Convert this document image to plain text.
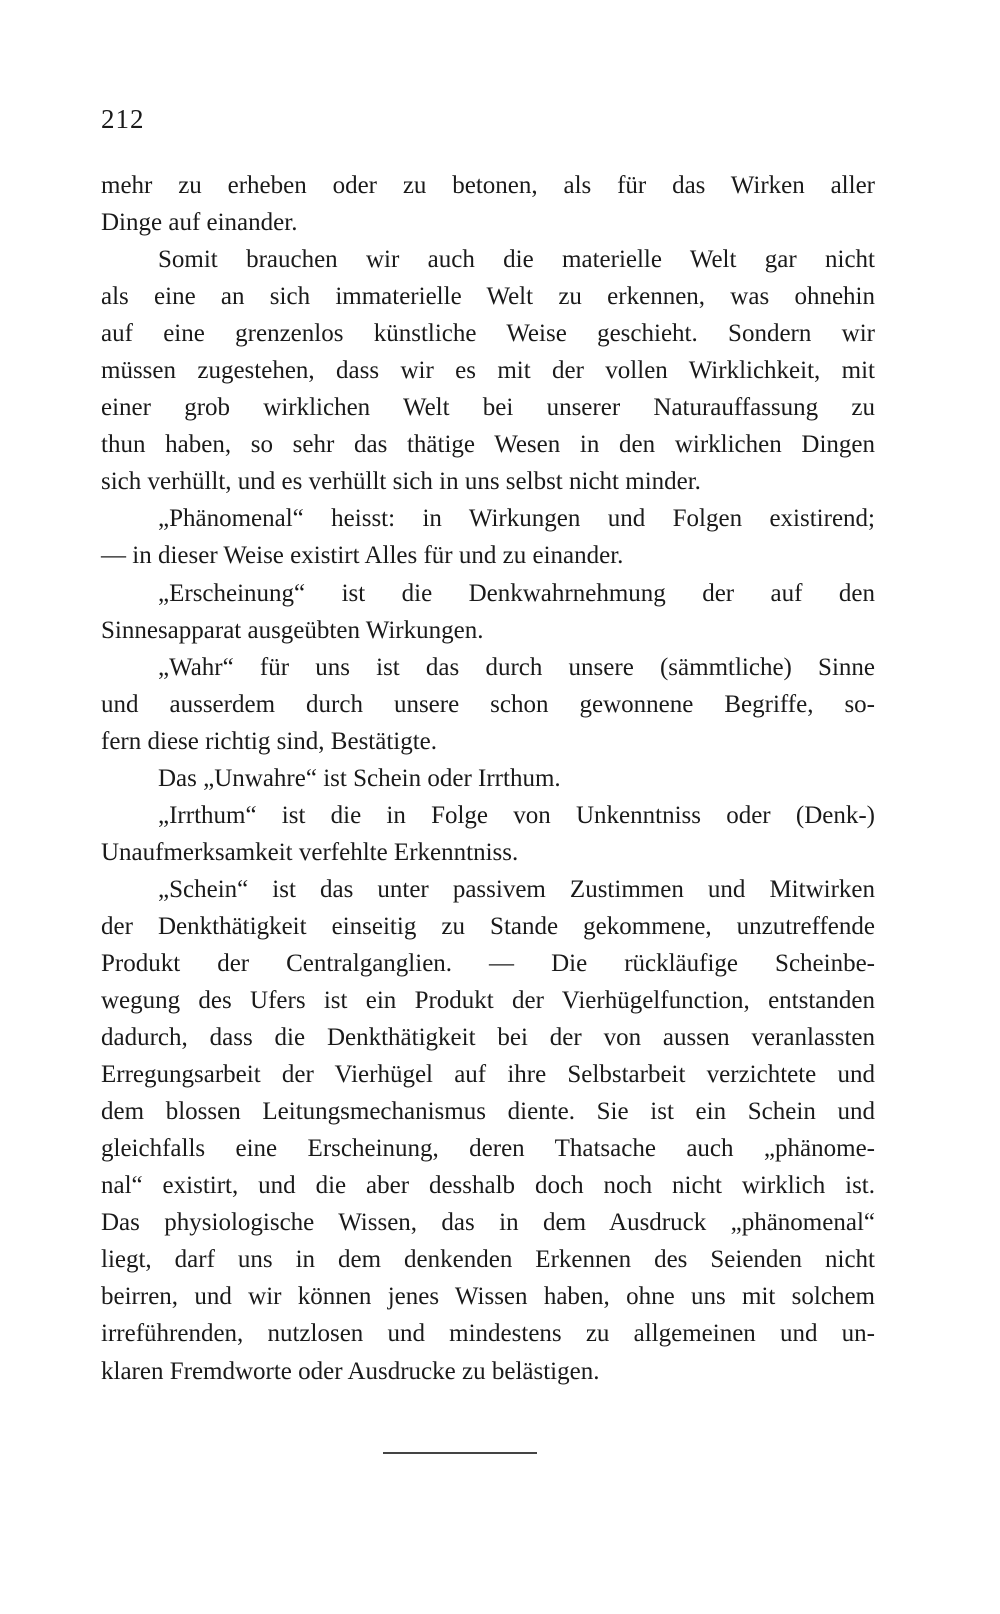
212
mehr zu erheben oder zu betonen, als für das Wirken aller
Dinge auf einander.
Somit brauchen wir auch die materielle Welt gar nicht
als eine an sich immaterielle Welt zu erkennen, was ohnehin
auf eine grenzenlos künstliche Weise geschieht. Sondern wir
müssen zugestehen, dass wir es mit der vollen Wirklichkeit, mit
einer grob wirklichen Welt bei unserer Naturauffassung zu
thun haben, so sehr das thätige Wesen in den wirklichen Dingen
sich verhüllt, und es verhüllt sich in uns selbst nicht minder.
„Phänomenal“ heisst: in Wirkungen und Folgen existirend;
— in dieser Weise existirt Alles für und zu einander.
„Erscheinung“ ist die Denkwahrnehmung der auf den
Sinnesapparat ausgeübten Wirkungen.
„Wahr“ für uns ist das durch unsere (sämmtliche) Sinne
und ausserdem durch unsere schon gewonnene Begriffe, so-
fern diese richtig sind, Bestätigte.
Das „Unwahre“ ist Schein oder Irrthum.
„Irrthum“ ist die in Folge von Unkenntniss oder (Denk-)
Unaufmerksamkeit verfehlte Erkenntniss.
„Schein“ ist das unter passivem Zustimmen und Mitwirken
der Denkthätigkeit einseitig zu Stande gekommene, unzutreffende
Produkt der Centralganglien. — Die rückläufige Scheinbe-
wegung des Ufers ist ein Produkt der Vierhügelfunction, entstanden
dadurch, dass die Denkthätigkeit bei der von aussen veranlassten
Erregungsarbeit der Vierhügel auf ihre Selbstarbeit verzichtete und
dem blossen Leitungsmechanismus diente. Sie ist ein Schein und
gleichfalls eine Erscheinung, deren Thatsache auch „phänome-
nal“ existirt, und die aber desshalb doch noch nicht wirklich ist.
Das physiologische Wissen, das in dem Ausdruck „phänomenal“
liegt, darf uns in dem denkenden Erkennen des Seienden nicht
beirren, und wir können jenes Wissen haben, ohne uns mit solchem
irreführenden, nutzlosen und mindestens zu allgemeinen und un-
klaren Fremdworte oder Ausdrucke zu belästigen.
